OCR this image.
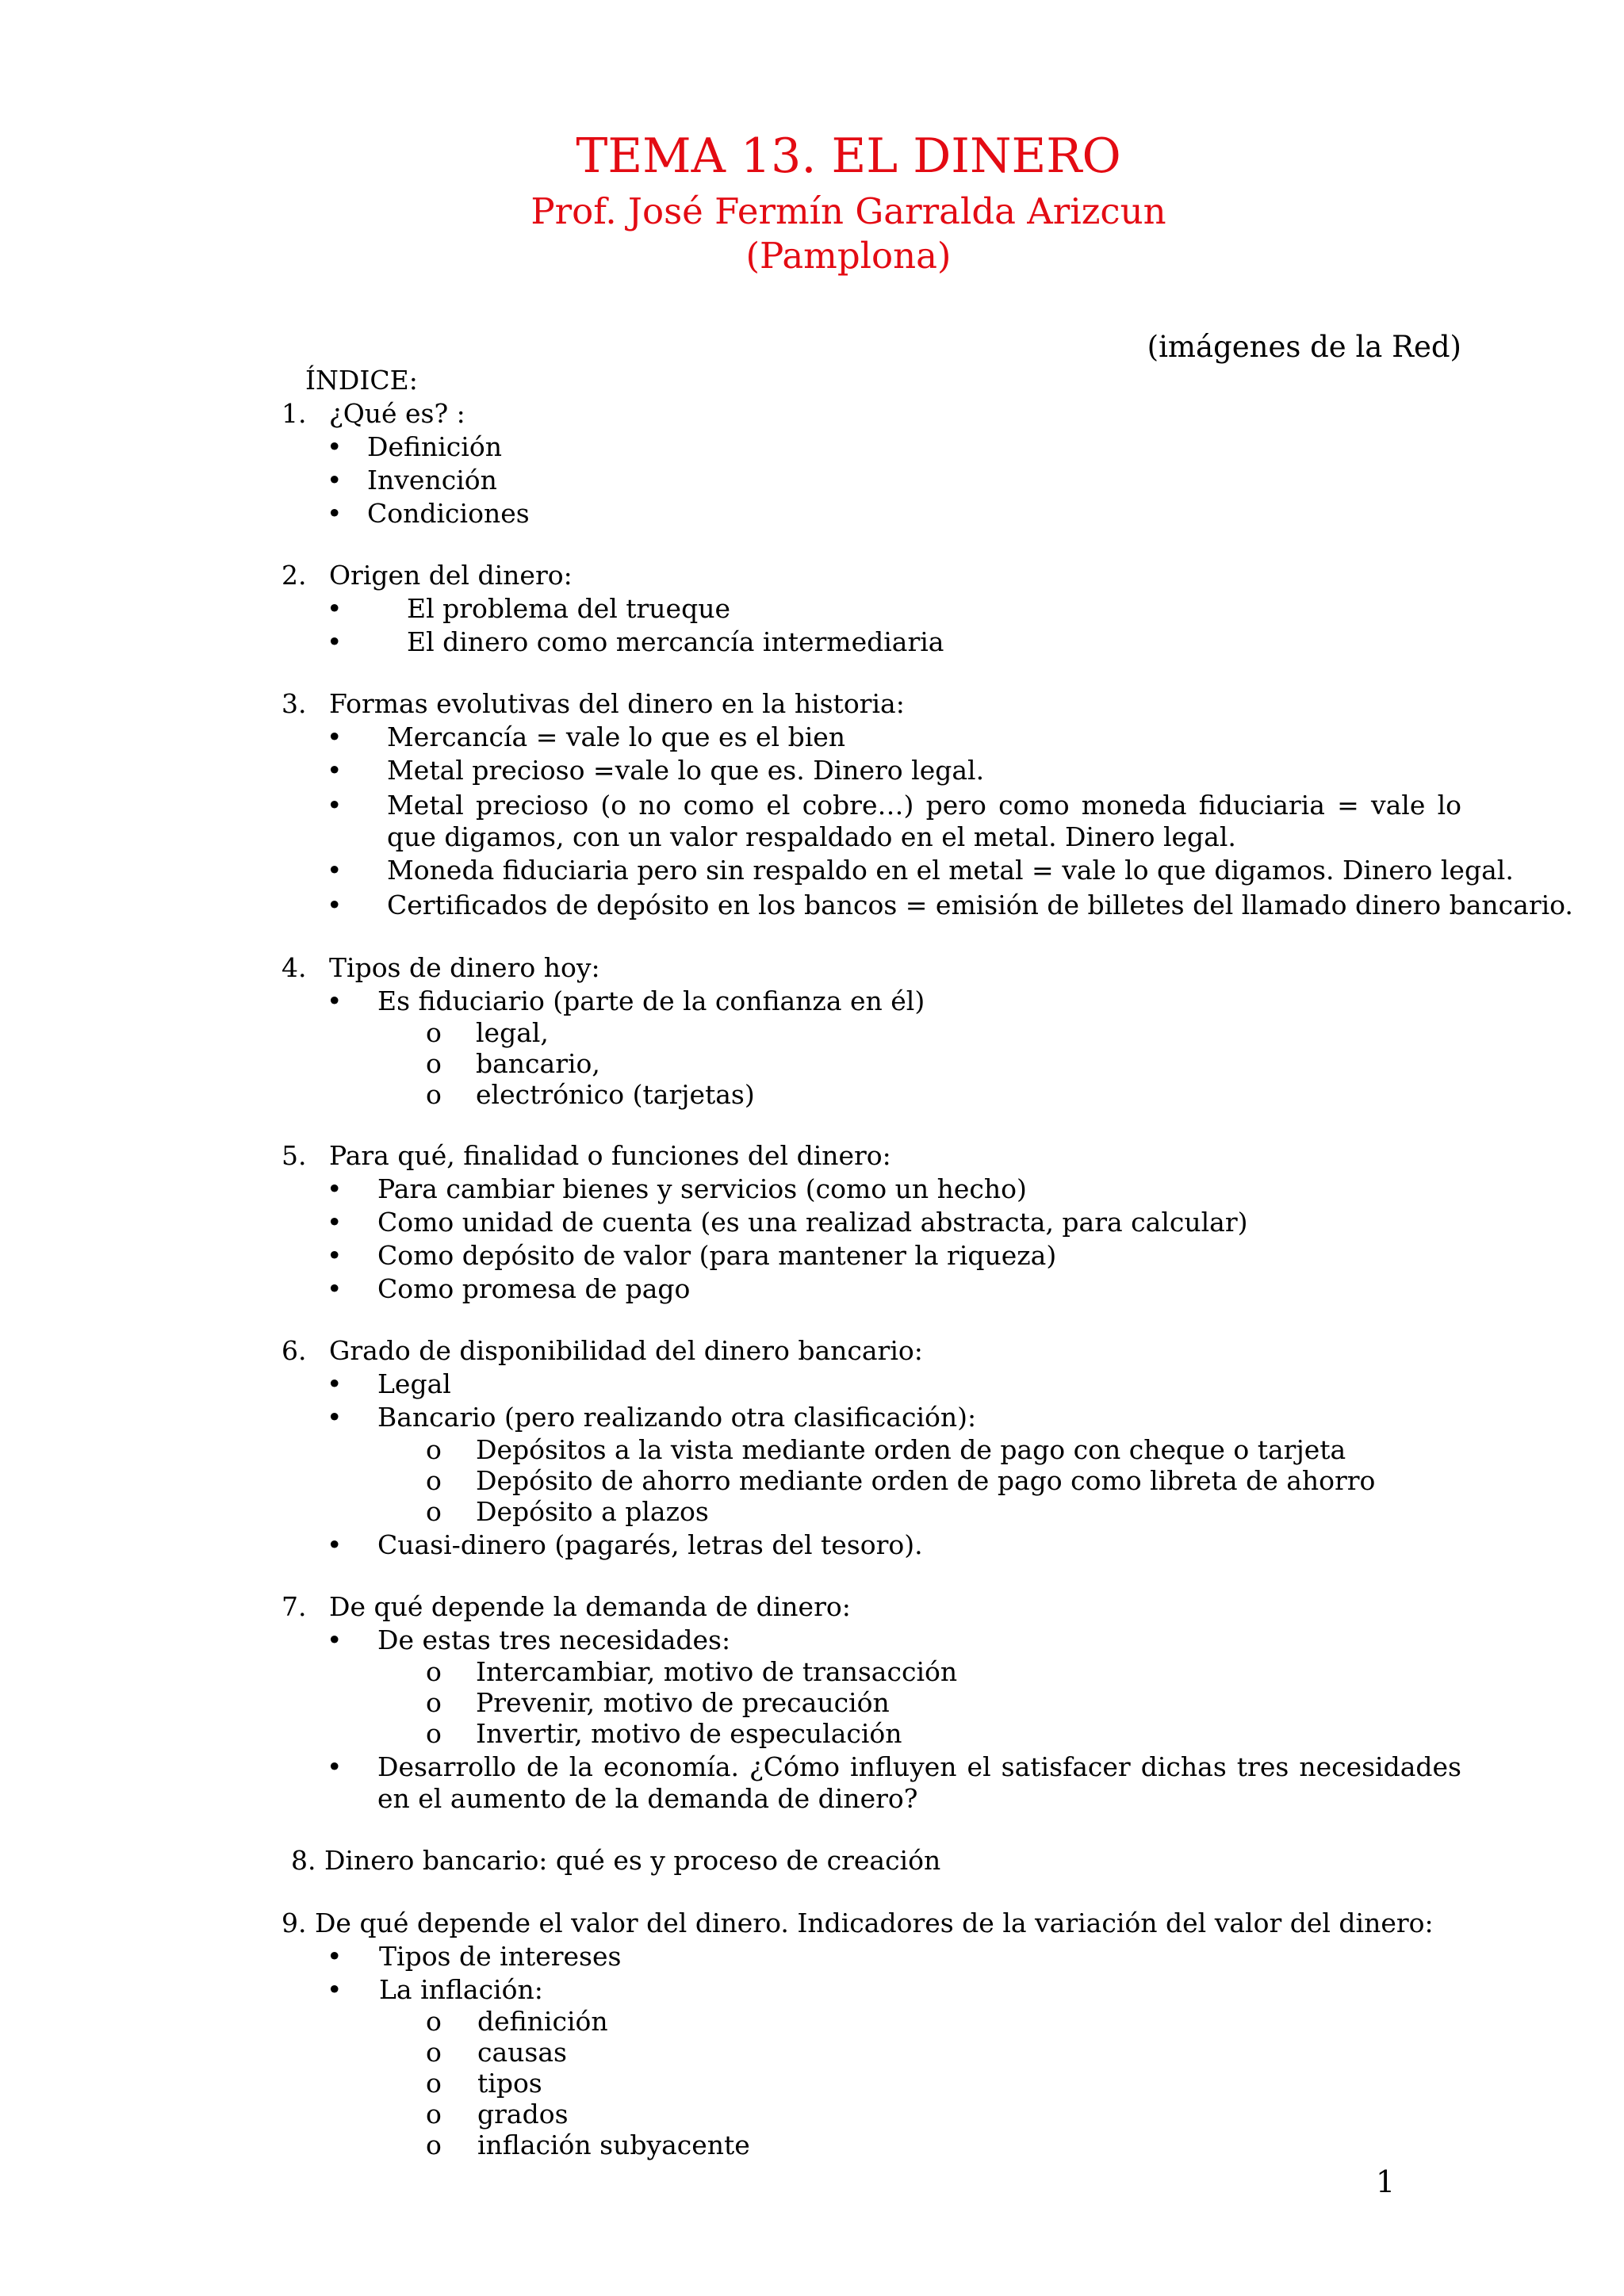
TEMA 13. EL DINERO
Prof. José Fermín Garralda Arizcun
(Pamplona)
(imágenes de la Red)
ÍNDICE:
1. ¿Qué es? :
• Definición
• Invención
• Condiciones
2. Origen del dinero:
• El problema del trueque
• El dinero como mercancía intermediaria
3. Formas evolutivas del dinero en la historia:
• Mercancía = vale lo que es el bien
• Metal precioso =vale lo que es. Dinero legal.
• Metal precioso (o no como el cobre…) pero como moneda fiduciaria = vale lo que digamos, con un valor respaldado en el metal. Dinero legal.
• Moneda fiduciaria pero sin respaldo en el metal = vale lo que digamos. Dinero legal.
• Certificados de depósito en los bancos = emisión de billetes del llamado dinero bancario.
4. Tipos de dinero hoy:
• Es fiduciario (parte de la confianza en él)
o legal,
o bancario,
o electrónico (tarjetas)
5. Para qué, finalidad o funciones del dinero:
• Para cambiar bienes y servicios (como un hecho)
• Como unidad de cuenta (es una realizad abstracta, para calcular)
• Como depósito de valor (para mantener la riqueza)
• Como promesa de pago
6. Grado de disponibilidad del dinero bancario:
• Legal
• Bancario (pero realizando otra clasificación):
o Depósitos a la vista mediante orden de pago con cheque o tarjeta
o Depósito de ahorro mediante orden de pago como libreta de ahorro
o Depósito a plazos
• Cuasi-dinero (pagarés, letras del tesoro).
7. De qué depende la demanda de dinero:
• De estas tres necesidades:
o Intercambiar, motivo de transacción
o Prevenir, motivo de precaución
o Invertir, motivo de especulación
• Desarrollo de la economía. ¿Cómo influyen el satisfacer dichas tres necesidades en el aumento de la demanda de dinero?
8. Dinero bancario: qué es y proceso de creación
9. De qué depende el valor del dinero. Indicadores de la variación del valor del dinero:
• Tipos de intereses
• La inflación:
o definición
o causas
o tipos
o grados
o inflación subyacente
1
